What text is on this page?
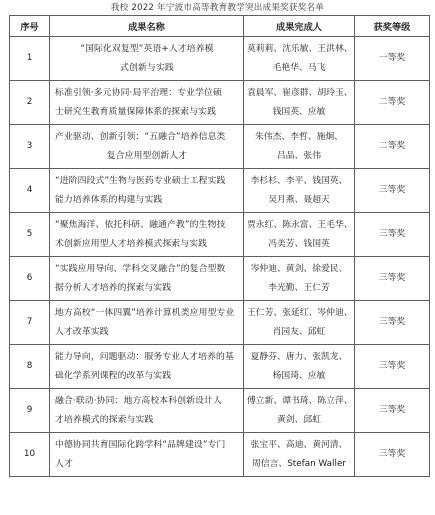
我校 2022 年宁波市高等教育教学突出成果奖获奖名单
序号	成果名称	成果完成人	获奖等级
1	“国际化双复型”英语+人才培养模
式创新与实践	莫莉莉、沈乐敏、王洪林、
毛艳华、马飞	一等奖
2	标准引领·多元协同·局平治理：专业学位硕
士研究生教育质量保障体系的探索与实践	袁晨军、崔彦群、胡玲玉、
钱国英、应敏	二等奖
3	产业驱动、创新引领：“五融合”培养信息类
复合应用型创新人才	朱伟杰、李哲、施炯、
吕品、张伟	二等奖
4	“进阶四段式”生物与医药专业硕士工程实践
能力培养体系的构建与实践	李杉杉、李平、钱国英、
吴月燕、聂超天	三等奖
5	“聚焦海洋、依托科研、融通产教”的生物技
术创新应用型人才培养模式探索与实践	贾永红、陈永富、王毛华、
冯美芳、钱国英	三等奖
6	“实践应用导向、学科交叉融合”的复合型数
据分析人才培养的探索与实践	岑仲迪、黄剑、徐爱民、
李光勤、王仁芳	三等奖
7	地方高校“一体四翼”培养计算机类应用型专业
人才改革实践	王仁芳、张延红、岑仲迪、
肖园友、邱虹	三等奖
8	能力导向，问题驱动：服务专业人才培养的基
础化学系列课程的改革与实践	夏静芬、唐力、张凯龙、
杨国琦、应敏	三等奖
9	融合·联动·协同：地方高校本科创新设计人
才培养模式的探索与实践	傅立新、谭书琦、陈立萍、
黄剑、邱虹	三等奖
10	中德协同共育国际化跨学科“品牌建设”专门
人才	张宝平、高迪、黄河清、
周信言、Stefan Waller	三等奖
